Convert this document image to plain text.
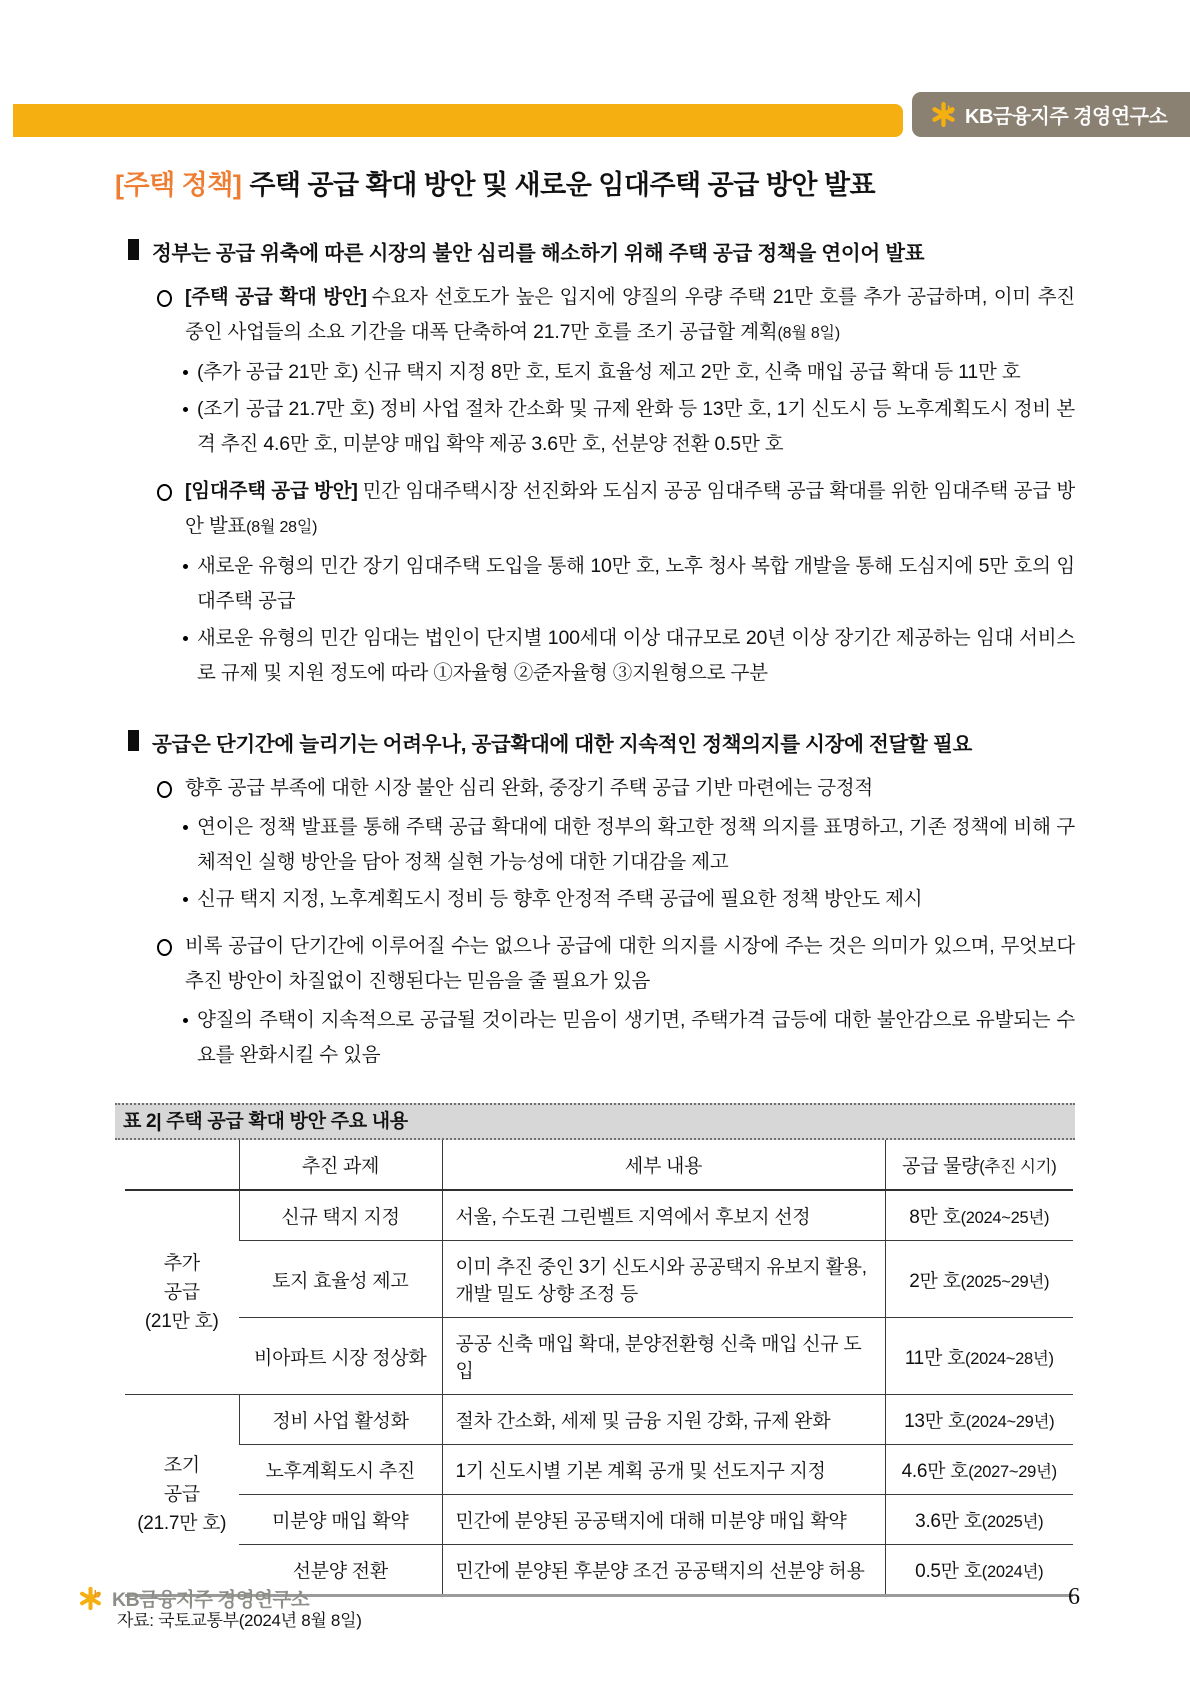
b KB금융지주 경영연구소
[주택 정책] 주택 공급 확대 방안 및 새로운 임대주택 공급 방안 발표
정부는 공급 위축에 따른 시장의 불안 심리를 해소하기 위해 주택 공급 정책을 연이어 발표
[주택 공급 확대 방안] 수요자 선호도가 높은 입지에 양질의 우량 주택 21만 호를 추가 공급하며, 이미 추진 중인 사업들의 소요 기간을 대폭 단축하여 21.7만 호를 조기 공급할 계획(8월 8일)
(추가 공급 21만 호) 신규 택지 지정 8만 호, 토지 효율성 제고 2만 호, 신축 매입 공급 확대 등 11만 호
(조기 공급 21.7만 호) 정비 사업 절차 간소화 및 규제 완화 등 13만 호, 1기 신도시 등 노후계획도시 정비 본격 추진 4.6만 호, 미분양 매입 확약 제공 3.6만 호, 선분양 전환 0.5만 호
[임대주택 공급 방안] 민간 임대주택시장 선진화와 도심지 공공 임대주택 공급 확대를 위한 임대주택 공급 방안 발표(8월 28일)
새로운 유형의 민간 장기 임대주택 도입을 통해 10만 호, 노후 청사 복합 개발을 통해 도심지에 5만 호의 임대주택 공급
새로운 유형의 민간 임대는 법인이 단지별 100세대 이상 대규모로 20년 이상 장기간 제공하는 임대 서비스로 규제 및 지원 정도에 따라 ①자율형 ②준자율형 ③지원형으로 구분
공급은 단기간에 늘리기는 어려우나, 공급확대에 대한 지속적인 정책의지를 시장에 전달할 필요
향후 공급 부족에 대한 시장 불안 심리 완화, 중장기 주택 공급 기반 마련에는 긍정적
연이은 정책 발표를 통해 주택 공급 확대에 대한 정부의 확고한 정책 의지를 표명하고, 기존 정책에 비해 구체적인 실행 방안을 담아 정책 실현 가능성에 대한 기대감을 제고
신규 택지 지정, 노후계획도시 정비 등 향후 안정적 주택 공급에 필요한 정책 방안도 제시
비록 공급이 단기간에 이루어질 수는 없으나 공급에 대한 의지를 시장에 주는 것은 의미가 있으며, 무엇보다 추진 방안이 차질없이 진행된다는 믿음을 줄 필요가 있음
양질의 주택이 지속적으로 공급될 것이라는 믿음이 생기면, 주택가격 급등에 대한 불안감으로 유발되는 수요를 완화시킬 수 있음
표 2| 주택 공급 확대 방안 주요 내용
	추진 과제	세부 내용	공급 물량(추진 시기)

추가
공급
(21만 호)	신규 택지 지정	서울, 수도권 그린벨트 지역에서 후보지 선정	8만 호(2024~25년)
	토지 효율성 제고	이미 추진 중인 3기 신도시와 공공택지 유보지 활용, 개발 밀도 상향 조정 등	2만 호(2025~29년)
	비아파트 시장 정상화	공공 신축 매입 확대, 분양전환형 신축 매입 신규 도입	11만 호(2024~28년)

조기
공급
(21.7만 호)	정비 사업 활성화	절차 간소화, 세제 및 금융 지원 강화, 규제 완화	13만 호(2024~29년)
	노후계획도시 추진	1기 신도시별 기본 계획 공개 및 선도지구 지정	4.6만 호(2027~29년)
	미분양 매입 확약	민간에 분양된 공공택지에 대해 미분양 매입 확약	3.6만 호(2025년)
	선분양 전환	민간에 분양된 후분양 조건 공공택지의 선분양 허용	0.5만 호(2024년)
자료: 국토교통부(2024년 8월 8일)
b KB금융지주 경영연구소	6
